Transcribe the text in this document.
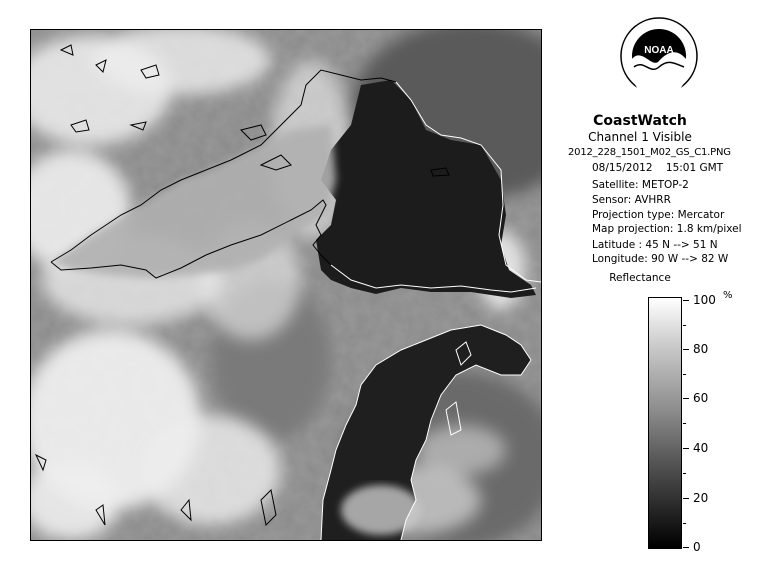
NOAA
CoastWatch
Channel 1 Visible
2012_228_1501_M02_GS_C1.PNG
08/15/2012 15:01 GMT
Satellite: METOP-2
Sensor: AVHRR
Projection type: Mercator
Map projection: 1.8 km/pixel
Latitude : 45 N --> 51 N
Longitude: 90 W --> 82 W
Reflectance
%
100
80
60
40
20
0
